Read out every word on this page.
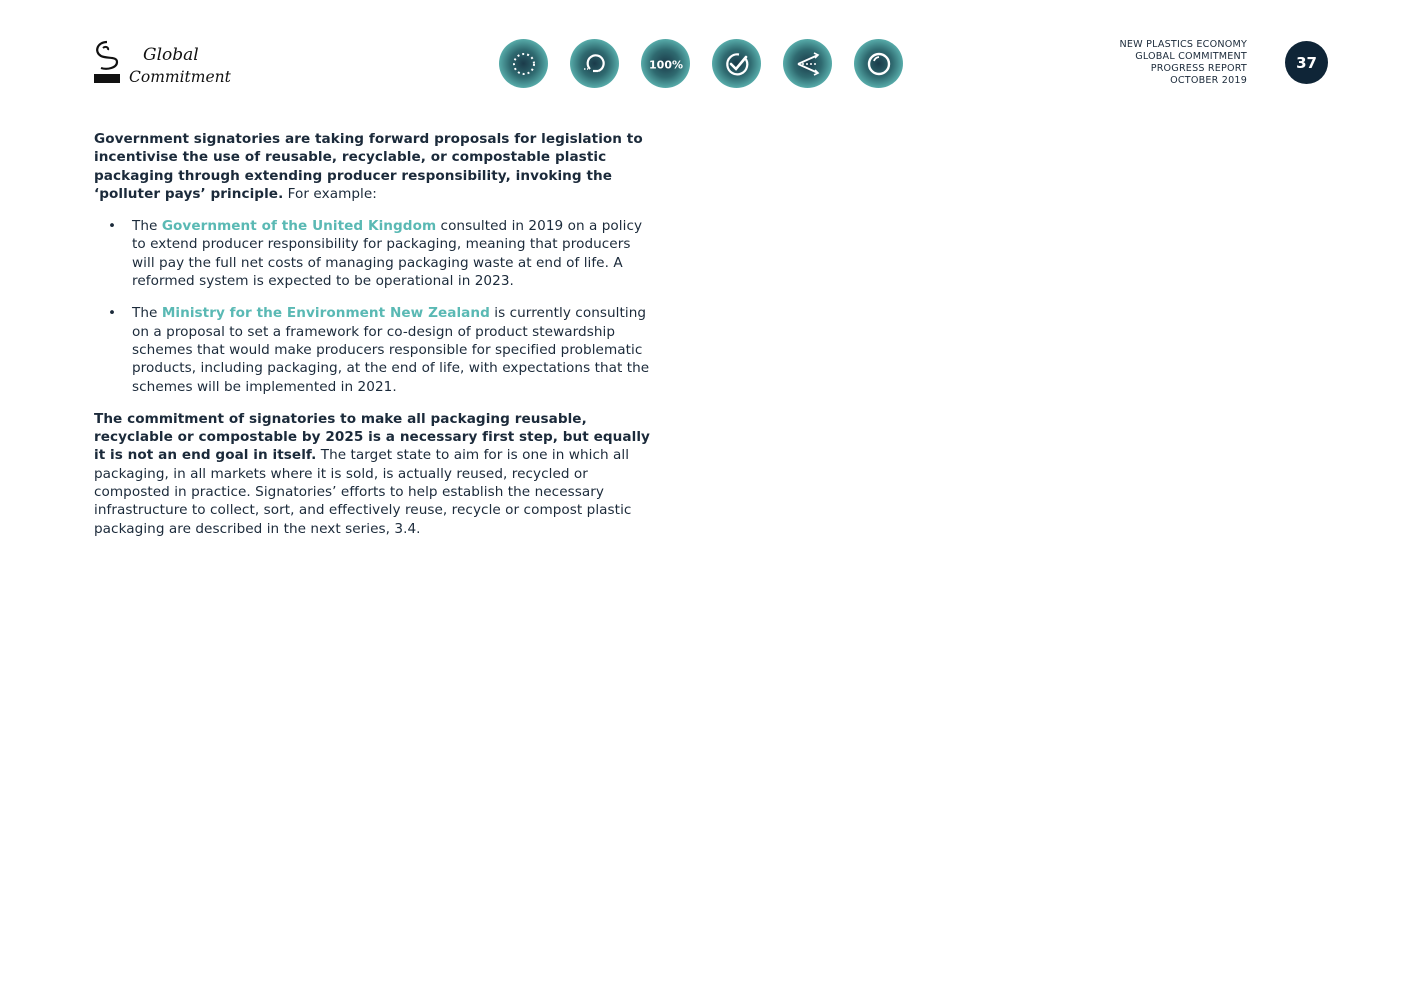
Global
Commitment
100%
NEW PLASTICS ECONOMY
GLOBAL COMMITMENT
PROGRESS REPORT
OCTOBER 2019
37

Government signatories are taking forward proposals for legislation to incentivise the use of reusable, recyclable, or compostable plastic packaging through extending producer responsibility, invoking the ‘polluter pays’ principle. For example:

• The Government of the United Kingdom consulted in 2019 on a policy to extend producer responsibility for packaging, meaning that producers will pay the full net costs of managing packaging waste at end of life. A reformed system is expected to be operational in 2023.
• The Ministry for the Environment New Zealand is currently consulting on a proposal to set a framework for co-design of product stewardship schemes that would make producers responsible for specified problematic products, including packaging, at the end of life, with expectations that the schemes will be implemented in 2021.

The commitment of signatories to make all packaging reusable, recyclable or compostable by 2025 is a necessary first step, but equally it is not an end goal in itself. The target state to aim for is one in which all packaging, in all markets where it is sold, is actually reused, recycled or composted in practice. Signatories’ efforts to help establish the necessary infrastructure to collect, sort, and effectively reuse, recycle or compost plastic packaging are described in the next series, 3.4.
